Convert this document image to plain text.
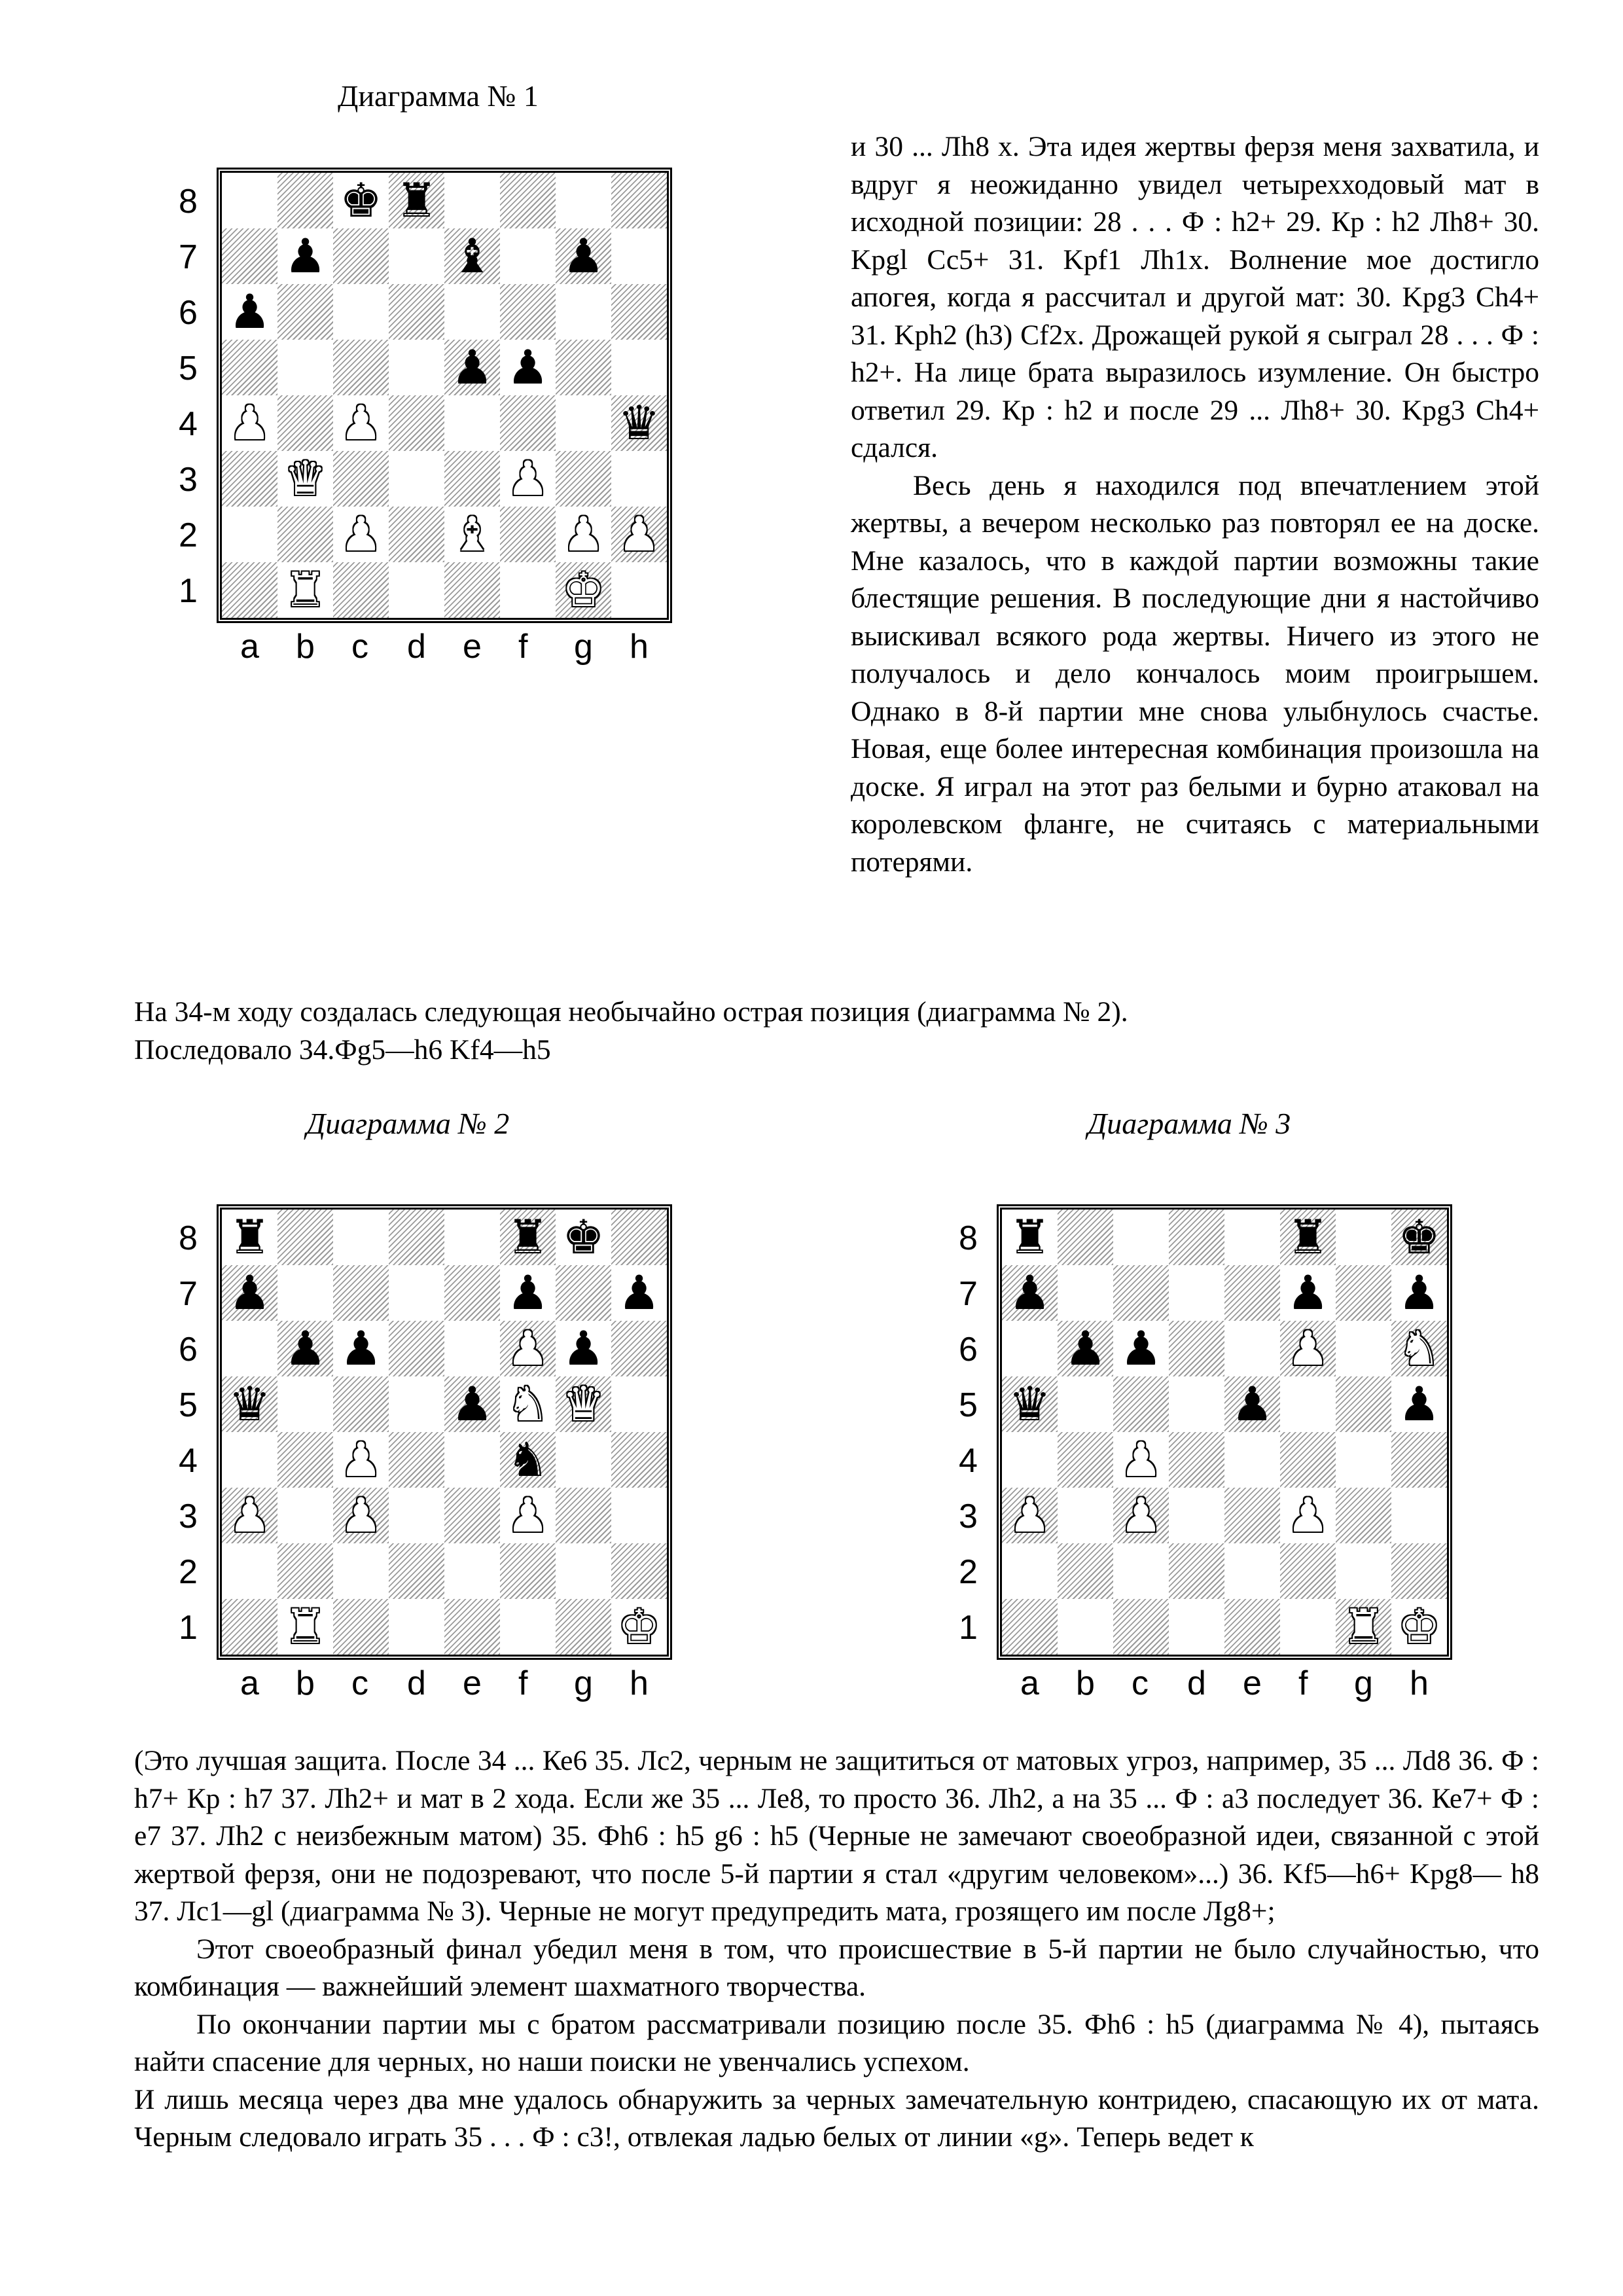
Диаграмма № 1
Диаграмма № 2	Диаграмма № 3
♚ ♜
♟	♝ ♟
♟
♟ ♟
♛
♟ ♟
♛	♟
♟ ♝ ♟ ♟
♜	♚
♜	♜ ♚
♟	♟ ♟
♟ ♟	♟ ♟
♛	♟ ♞ ♛
♟	♞
♟ ♟	♟
♜	♚
♜	♜ ♚
♟	♟ ♟
♟ ♟	♟ ♞
♛	♟	♟
♟
♟ ♟	♟
♜ ♚

и 30 ... Лh8 х. Эта идея жертвы ферзя меня захватила, и вдруг я неожиданно увидел четырехходовый мат в исходной позиции: 28 . . . Ф : h2+ 29. Кр : h2 Лh8+ 30. Kpgl Сс5+ 31. Kpf1 Лh1x. Волнение мое достигло апогея, когда я рассчитал и другой мат: 30. Kpg3 Ch4+ 31. Kph2 (h3) Cf2x. Дрожащей рукой я сыграл 28 . . . Ф : h2+. На лице брата выразилось изумление. Он быстро ответил 29. Кр : h2 и после 29 ... Лh8+ 30. Kpg3 Ch4+ сдался.

Весь день я находился под впечатлением этой жертвы, а вечером несколько раз повторял ее на доске. Мне казалось, что в каждой партии возможны такие блестящие решения. В последующие дни я настойчиво выискивал всякого рода жертвы. Ничего из этого не получалось и дело кончалось моим проигрышем. Однако в 8-й партии мне снова улыбнулось счастье. Новая, еще более интересная комбинация произошла на доске. Я играл на этот раз белыми и бурно атаковал на королевском фланге, не считаясь с материальными потерями.

На 34-м ходу создалась следующая необычайно острая позиция (диаграмма № 2).
Последовало 34.Фg5—h6 Kf4—h5

(Это лучшая защита. После 34 ... Ке6 35. Лс2, черным не защититься от матовых угроз, например, 35 ... Лd8 36. Ф : h7+ Кр : h7 37. Лh2+ и мат в 2 хода. Если же 35 ... Ле8, то просто 36. Лh2, а на 35 ... Ф : а3 последует 36. Ке7+ Ф : е7 37. Лh2 с неизбежным матом) 35. Фh6 : h5 g6 : h5 (Черные не замечают своеобразной идеи, связанной с этой жертвой ферзя, они не подозревают, что после 5-й партии я стал «другим человеком»...) 36. Kf5—h6+ Kpg8— h8 37. Лс1—gl (диаграмма № 3). Черные не могут предупредить мата, грозящего им после Лg8+;

Этот своеобразный финал убедил меня в том, что происшествие в 5-й партии не было случайностью, что комбинация — важнейший элемент шахматного творчества.

По окончании партии мы с братом рассматривали позицию после 35. Фh6 : h5 (диаграмма № 4), пытаясь найти спасение для черных, но наши поиски не увенчались успехом.

И лишь месяца через два мне удалось обнаружить за черных замечательную контридею, спасающую их от мата. Черным следовало играть 35 . . . Ф : с3!, отвлекая ладью белых от линии «g». Теперь ведет к

8
7
6
5
4
3
2
1
a b c d e f g h
8
7
6
5
4
3
2
1
a b c d e f g h
8
7
6
5
4
3
2
1
a b c d e f g h
